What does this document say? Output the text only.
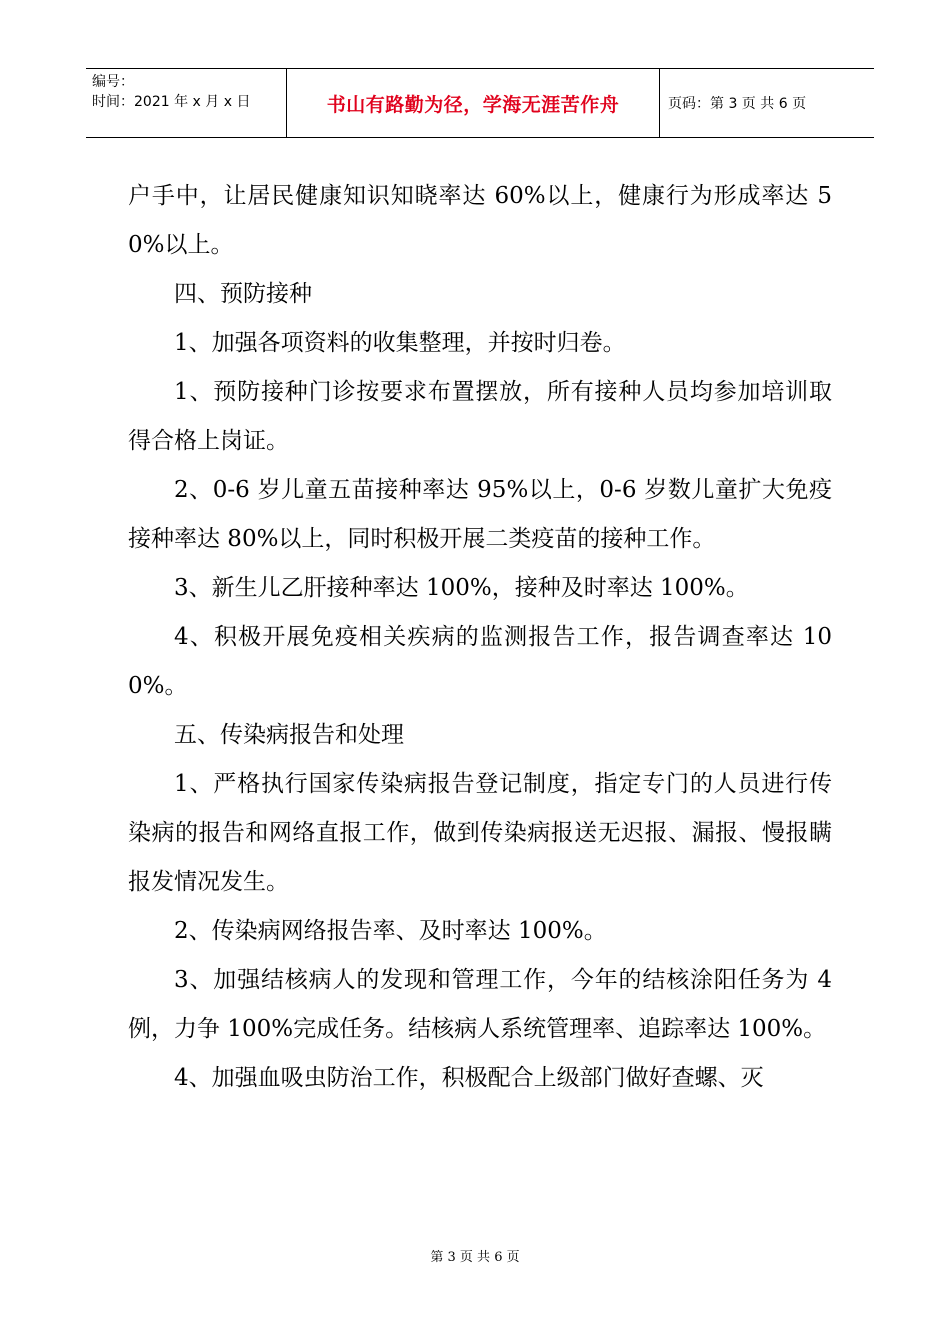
编号：
时间：2021 年 x 月 x 日	书山有路勤为径，学海无涯苦作舟	页码：第 3 页 共 6 页

户手中，让居民健康知识知晓率达 60%以上，健康行为形成率达 50%以上。

四、预防接种

1、加强各项资料的收集整理，并按时归卷。

1、预防接种门诊按要求布置摆放，所有接种人员均参加培训取得合格上岗证。

2、0-6 岁儿童五苗接种率达 95%以上，0-6 岁数儿童扩大免疫接种率达 80%以上，同时积极开展二类疫苗的接种工作。

3、新生儿乙肝接种率达 100%，接种及时率达 100%。

4、积极开展免疫相关疾病的监测报告工作，报告调查率达 100%。

五、传染病报告和处理

1、严格执行国家传染病报告登记制度，指定专门的人员进行传染病的报告和网络直报工作，做到传染病报送无迟报、漏报、慢报瞒报发情况发生。

2、传染病网络报告率、及时率达 100%。

3、加强结核病人的发现和管理工作，今年的结核涂阳任务为 4 例，力争 100%完成任务。结核病人系统管理率、追踪率达 100%。

4、加强血吸虫防治工作，积极配合上级部门做好查螺、灭

第 3 页 共 6 页
